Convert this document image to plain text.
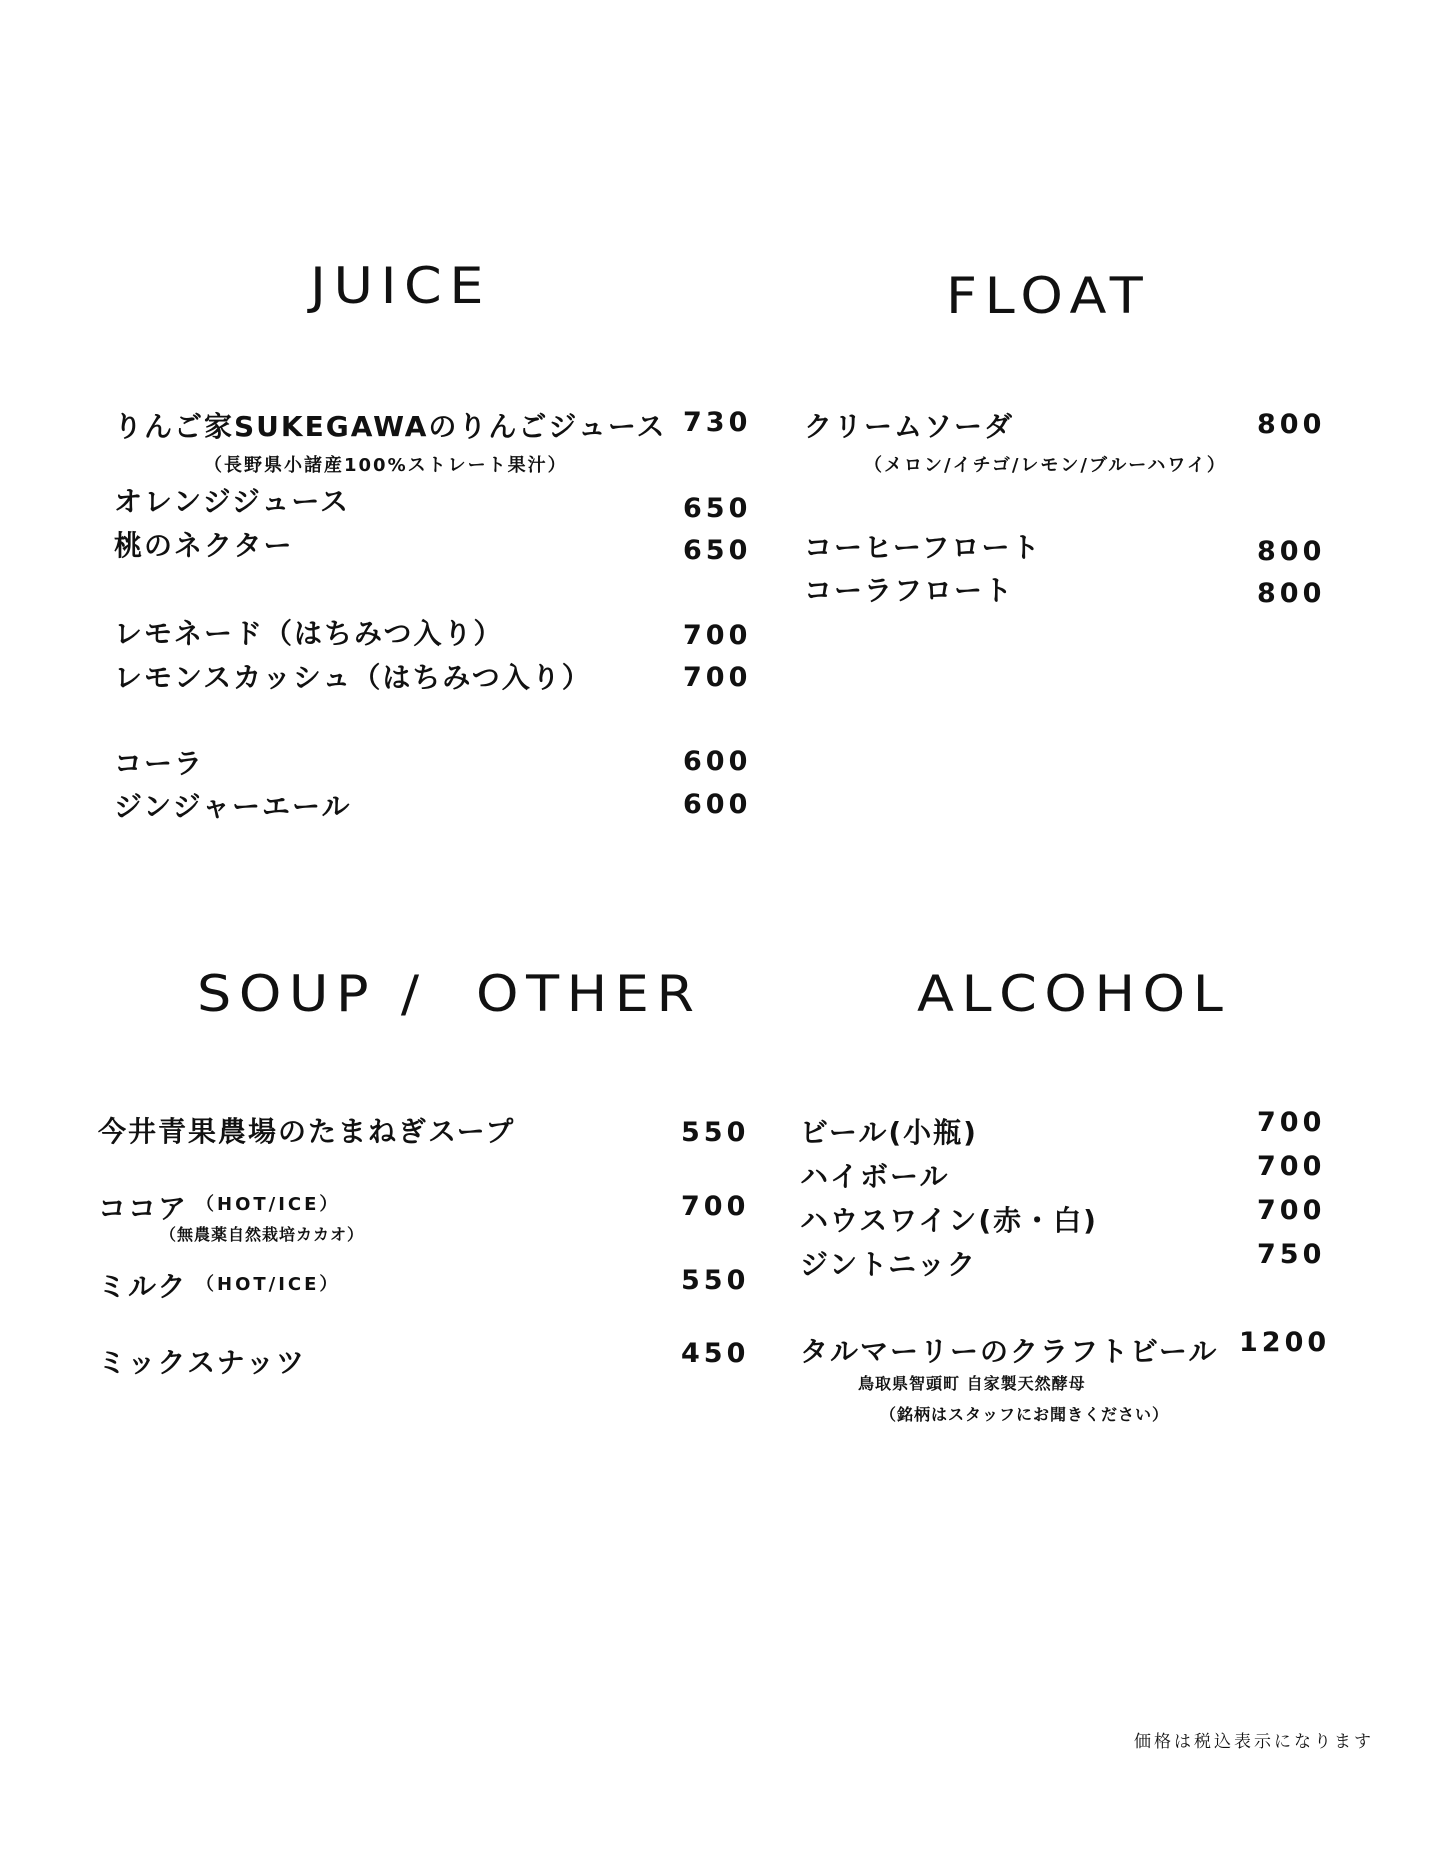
JUICE
りんご家SUKEGAWAのりんごジュース 730
（長野県小諸産100%ストレート果汁）
オレンジジュース	650
桃のネクター	650
レモネード（はちみつ入り）	700
レモンスカッシュ（はちみつ入り）	700
コーラ	600
ジンジャーエール	600
FLOAT
クリームソーダ	800
（メロン/イチゴ/レモン/ブルーハワイ）
コーヒーフロート	800
コーラフロート	800
SOUP /  OTHER
今井青果農場のたまねぎスープ	550
ココア （HOT/ICE）	700
（無農薬自然栽培カカオ）
ミルク （HOT/ICE）	550
ミックスナッツ	450
ALCOHOL
ビール(小瓶)	700
ハイボール	700
ハウスワイン(赤・白)	700
ジントニック	750
タルマーリーのクラフトビール 1200
鳥取県智頭町 自家製天然酵母
（銘柄はスタッフにお聞きください）
価格は税込表示になります
